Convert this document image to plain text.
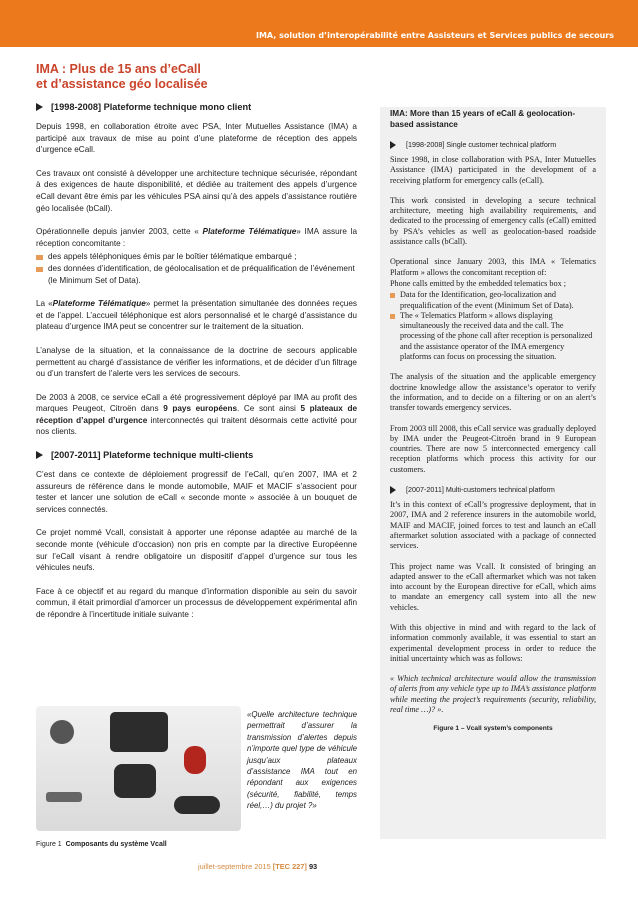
IMA, solution d’interopérabilité entre Assisteurs et Services publics de secours
IMA : Plus de 15 ans d’eCall
et d’assistance géo localisée
[1998-2008] Plateforme technique mono client

Depuis 1998, en collaboration étroite avec PSA, Inter Mutuelles Assistance (IMA) a participé aux travaux de mise au point d’une plateforme de réception des appels d’urgence eCall.

Ces travaux ont consisté à développer une architecture technique sécurisée, répondant à des exigences de haute disponibilité, et dédiée au traitement des appels d’urgence eCall devant être émis par les véhicules PSA ainsi qu’à des appels d’assistance routière géo localisée (bCall).

Opérationnelle depuis janvier 2003, cette « Plateforme Télématique» IMA assure la réception concomitante :

des appels téléphoniques émis par le boîtier télématique embarqué ;
des données d’identification, de géolocalisation et de préqualification de l’événement (le Minimum Set of Data).

La «Plateforme Télématique» permet la présentation simultanée des données reçues et de l’appel. L’accueil téléphonique est alors personnalisé et le chargé d’assistance du plateau d’urgence IMA peut se concentrer sur le traitement de la situation.

L’analyse de la situation, et la connaissance de la doctrine de secours applicable permettent au chargé d’assistance de vérifier les informations, et de décider d’un filtrage ou d’un transfert de l’alerte vers les services de secours.

De 2003 à 2008, ce service eCall a été progressivement déployé par IMA au profit des marques Peugeot, Citroën dans 9 pays européens. Ce sont ainsi 5 plateaux de réception d’appel d’urgence interconnectés qui traitent désormais cette activité pour nos clients.

[2007-2011] Plateforme technique multi-clients

C’est dans ce contexte de déploiement progressif de l’eCall, qu’en 2007, IMA et 2 assureurs de référence dans le monde automobile, MAIF et MACIF s’associent pour tester et lancer une solution de eCall « seconde monte » associée à un bouquet de services connectés.

Ce projet nommé Vcall, consistait à apporter une réponse adaptée au marché de la seconde monte (véhicule d’occasion) non pris en compte par la directive Européenne sur l’eCall visant à rendre obligatoire un dispositif d’appel d’urgence sur tous les véhicules neufs.

Face à ce objectif et au regard du manque d’information disponible au sein du savoir commun, il était primordial d’amorcer un processus de développement expérimental afin de répondre à l’incertitude initiale suivante :

«Quelle architecture technique permettrait d’assurer la transmission d’alertes depuis n’importe quel type de véhicule jusqu’aux plateaux d’assistance IMA tout en répondant aux exigences (sécurité, fiabilité, temps réel,…) du projet ?»
Figure 1 Composants du système Vcall
juillet-septembre 2015 [TEC 227] 93
IMA: More than 15 years of eCall & geolocation-based assistance
[1998-2008] Single customer technical platform

Since 1998, in close collaboration with PSA, Inter Mutuelles Assistance (IMA) participated in the development of a receiving platform for emergency calls (eCall).

This work consisted in developing a secure technical architecture, meeting high availability requirements, and dedicated to the processing of emergency calls (eCall) emitted by PSA’s vehicles as well as geolocation-based roadside assistance calls (bCall).

Operational since January 2003, this IMA « Telematics Platform » allows the concomitant reception of:

Phone calls emitted by the embedded telematics box ;

Data for the Identification, geo-localization and prequalification of the event (Minimum Set of Data).
The « Telematics Platform » allows displaying simultaneously the received data and the call. The processing of the phone call after reception is personalized and the assistance operator of the IMA emergency platforms can focus on processing the situation.

The analysis of the situation and the applicable emergency doctrine knowledge allow the assistance’s operator to verify the information, and to decide on a filtering or on an alert’s transfer towards emergency services.

From 2003 till 2008, this eCall service was gradually deployed by IMA under the Peugeot-Citroën brand in 9 European countries. There are now 5 interconnected emergency call reception platforms which process this activity for our customers.

[2007-2011] Multi-customers technical platform

It’s in this context of eCall’s progressive deployment, that in 2007, IMA and 2 reference insurers in the automobile world, MAIF and MACIF, joined forces to test and launch an eCall aftermarket solution associated with a package of connected services.

This project name was Vcall. It consisted of bringing an adapted answer to the eCall aftermarket which was not taken into account by the European directive for eCall, which aims to mandate an emergency call system into all the new vehicles.

With this objective in mind and with regard to the lack of information commonly available, it was essential to start an experimental development process in order to reduce the initial uncertainty which was as follows:

« Which technical architecture would allow the transmission of alerts from any vehicle type up to IMA’s assistance platform while meeting the project’s requirements (security, reliability, real time …)? ».

Figure 1 – Vcall system’s components
